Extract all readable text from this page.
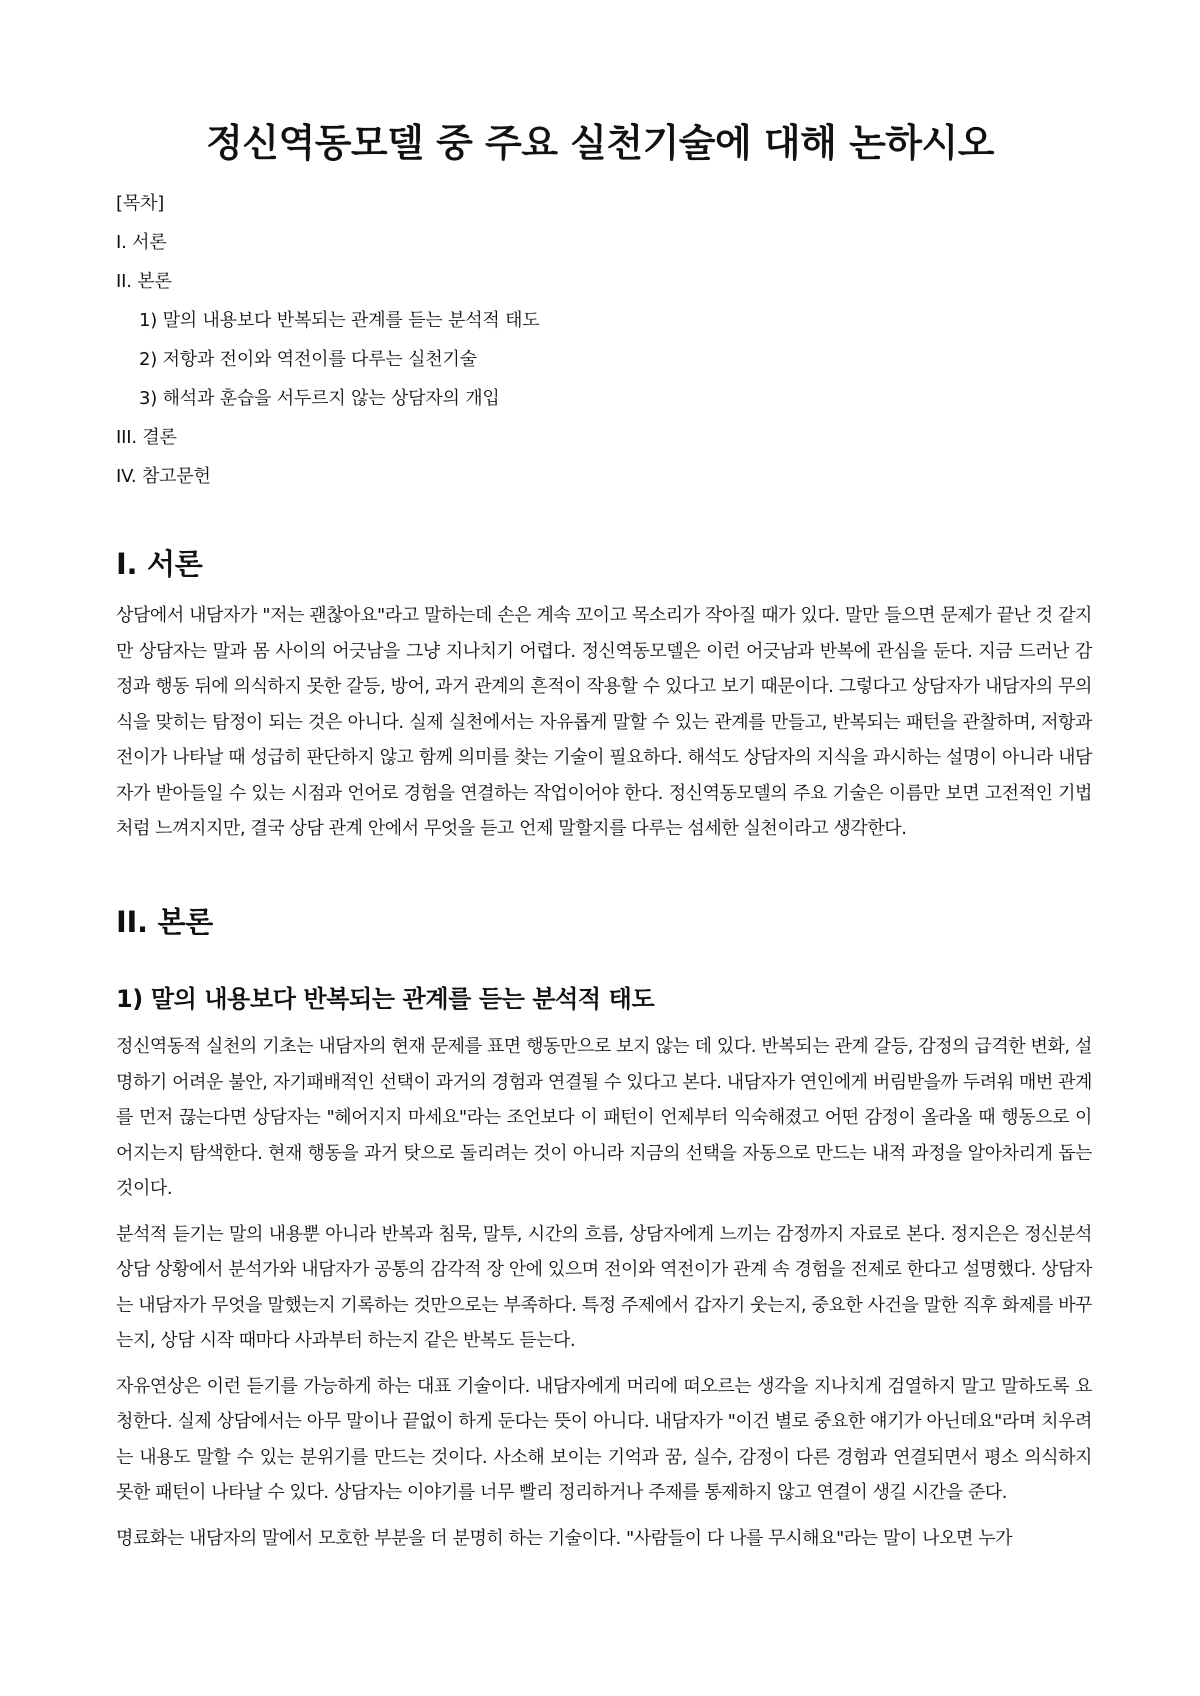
정신역동모델 중 주요 실천기술에 대해 논하시오
[목차]
I. 서론
II. 본론
1) 말의 내용보다 반복되는 관계를 듣는 분석적 태도
2) 저항과 전이와 역전이를 다루는 실천기술
3) 해석과 훈습을 서두르지 않는 상담자의 개입
III. 결론
IV. 참고문헌
I. 서론

상담에서 내담자가 "저는 괜찮아요"라고 말하는데 손은 계속 꼬이고 목소리가 작아질 때가 있다. 말만 들으면 문제가 끝난 것 같지만 상담자는 말과 몸 사이의 어긋남을 그냥 지나치기 어렵다. 정신역동모델은 이런 어긋남과 반복에 관심을 둔다. 지금 드러난 감정과 행동 뒤에 의식하지 못한 갈등, 방어, 과거 관계의 흔적이 작용할 수 있다고 보기 때문이다. 그렇다고 상담자가 내담자의 무의식을 맞히는 탐정이 되는 것은 아니다. 실제 실천에서는 자유롭게 말할 수 있는 관계를 만들고, 반복되는 패턴을 관찰하며, 저항과 전이가 나타날 때 성급히 판단하지 않고 함께 의미를 찾는 기술이 필요하다. 해석도 상담자의 지식을 과시하는 설명이 아니라 내담자가 받아들일 수 있는 시점과 언어로 경험을 연결하는 작업이어야 한다. 정신역동모델의 주요 기술은 이름만 보면 고전적인 기법처럼 느껴지지만, 결국 상담 관계 안에서 무엇을 듣고 언제 말할지를 다루는 섬세한 실천이라고 생각한다.

II. 본론
1) 말의 내용보다 반복되는 관계를 듣는 분석적 태도

정신역동적 실천의 기초는 내담자의 현재 문제를 표면 행동만으로 보지 않는 데 있다. 반복되는 관계 갈등, 감정의 급격한 변화, 설명하기 어려운 불안, 자기패배적인 선택이 과거의 경험과 연결될 수 있다고 본다. 내담자가 연인에게 버림받을까 두려워 매번 관계를 먼저 끊는다면 상담자는 "헤어지지 마세요"라는 조언보다 이 패턴이 언제부터 익숙해졌고 어떤 감정이 올라올 때 행동으로 이어지는지 탐색한다. 현재 행동을 과거 탓으로 돌리려는 것이 아니라 지금의 선택을 자동으로 만드는 내적 과정을 알아차리게 돕는 것이다.

분석적 듣기는 말의 내용뿐 아니라 반복과 침묵, 말투, 시간의 흐름, 상담자에게 느끼는 감정까지 자료로 본다. 정지은은 정신분석 상담 상황에서 분석가와 내담자가 공통의 감각적 장 안에 있으며 전이와 역전이가 관계 속 경험을 전제로 한다고 설명했다. 상담자는 내담자가 무엇을 말했는지 기록하는 것만으로는 부족하다. 특정 주제에서 갑자기 웃는지, 중요한 사건을 말한 직후 화제를 바꾸는지, 상담 시작 때마다 사과부터 하는지 같은 반복도 듣는다.

자유연상은 이런 듣기를 가능하게 하는 대표 기술이다. 내담자에게 머리에 떠오르는 생각을 지나치게 검열하지 말고 말하도록 요청한다. 실제 상담에서는 아무 말이나 끝없이 하게 둔다는 뜻이 아니다. 내담자가 "이건 별로 중요한 얘기가 아닌데요"라며 치우려는 내용도 말할 수 있는 분위기를 만드는 것이다. 사소해 보이는 기억과 꿈, 실수, 감정이 다른 경험과 연결되면서 평소 의식하지 못한 패턴이 나타날 수 있다. 상담자는 이야기를 너무 빨리 정리하거나 주제를 통제하지 않고 연결이 생길 시간을 준다.

명료화는 내담자의 말에서 모호한 부분을 더 분명히 하는 기술이다. "사람들이 다 나를 무시해요"라는 말이 나오면 누가
